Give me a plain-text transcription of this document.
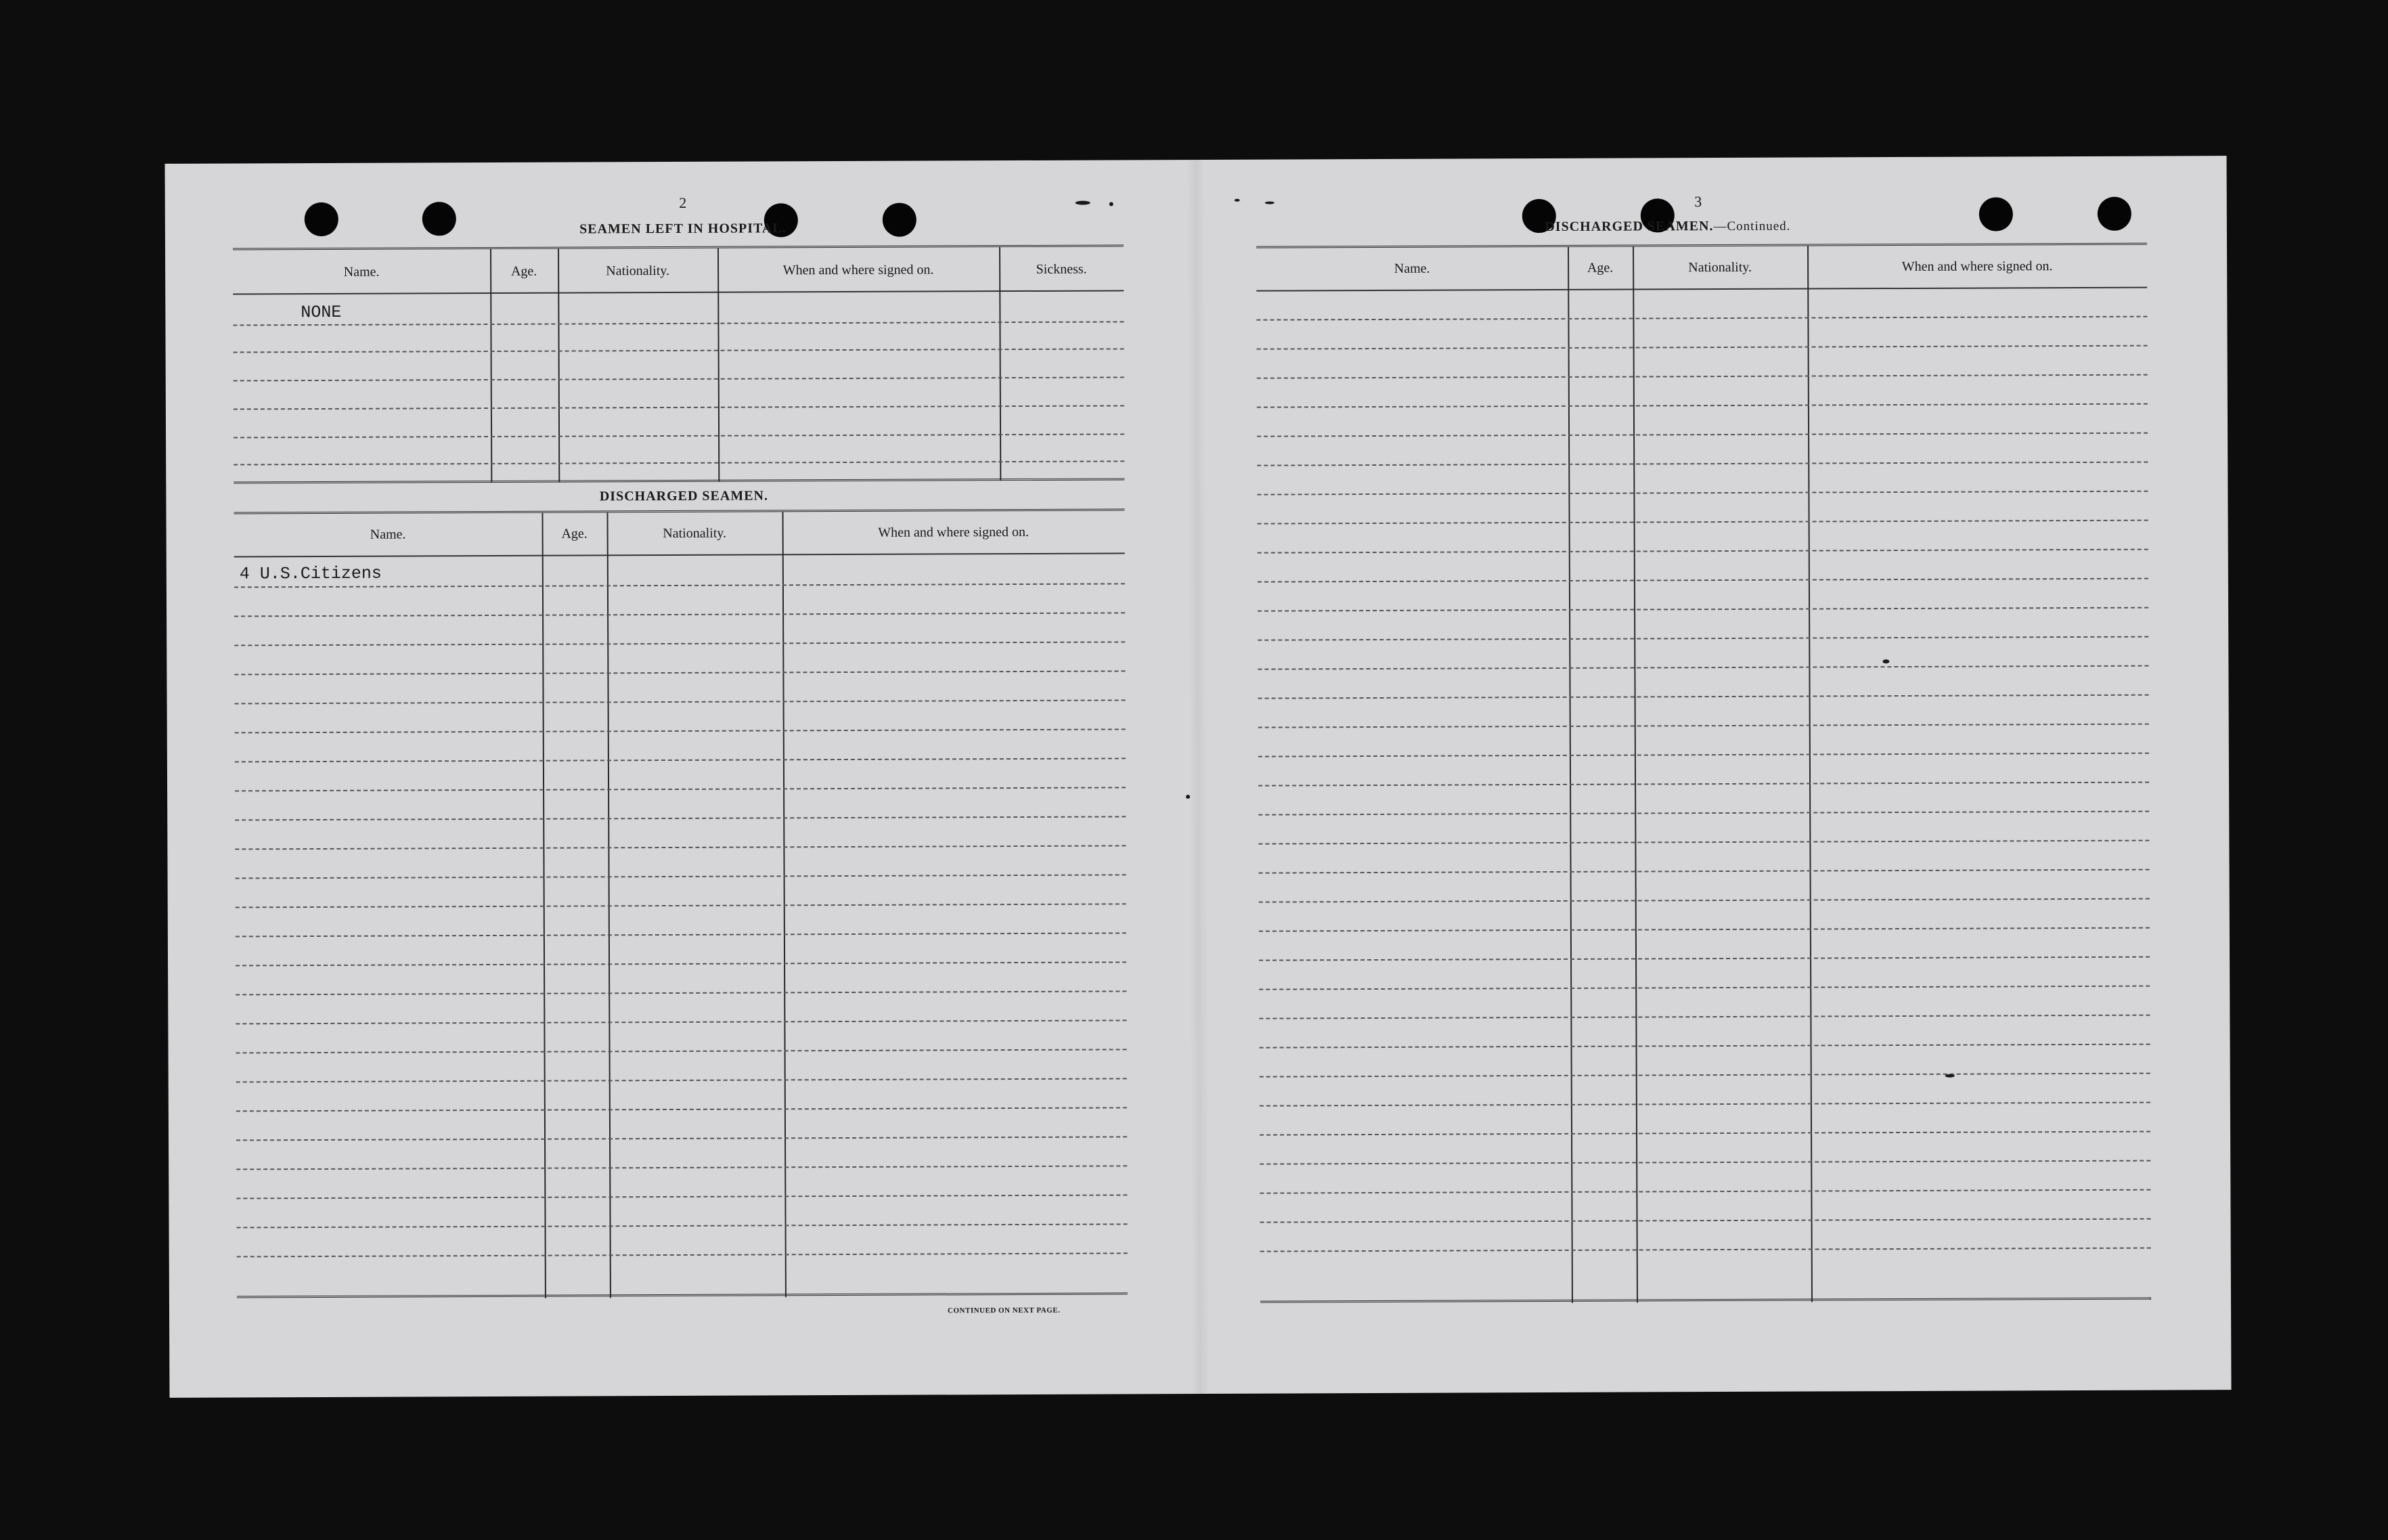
2
SEAMEN LEFT IN HOSPITAL.
Name.	Age.	Nationality.	When and where signed on.	Sickness.
NONE
DISCHARGED SEAMEN.
Name.	Age.	Nationality.	When and where signed on.
4 U.S.Citizens
CONTINUED ON NEXT PAGE.
3
DISCHARGED SEAMEN.—Continued.
Name.	Age.	Nationality.	When and where signed on.
